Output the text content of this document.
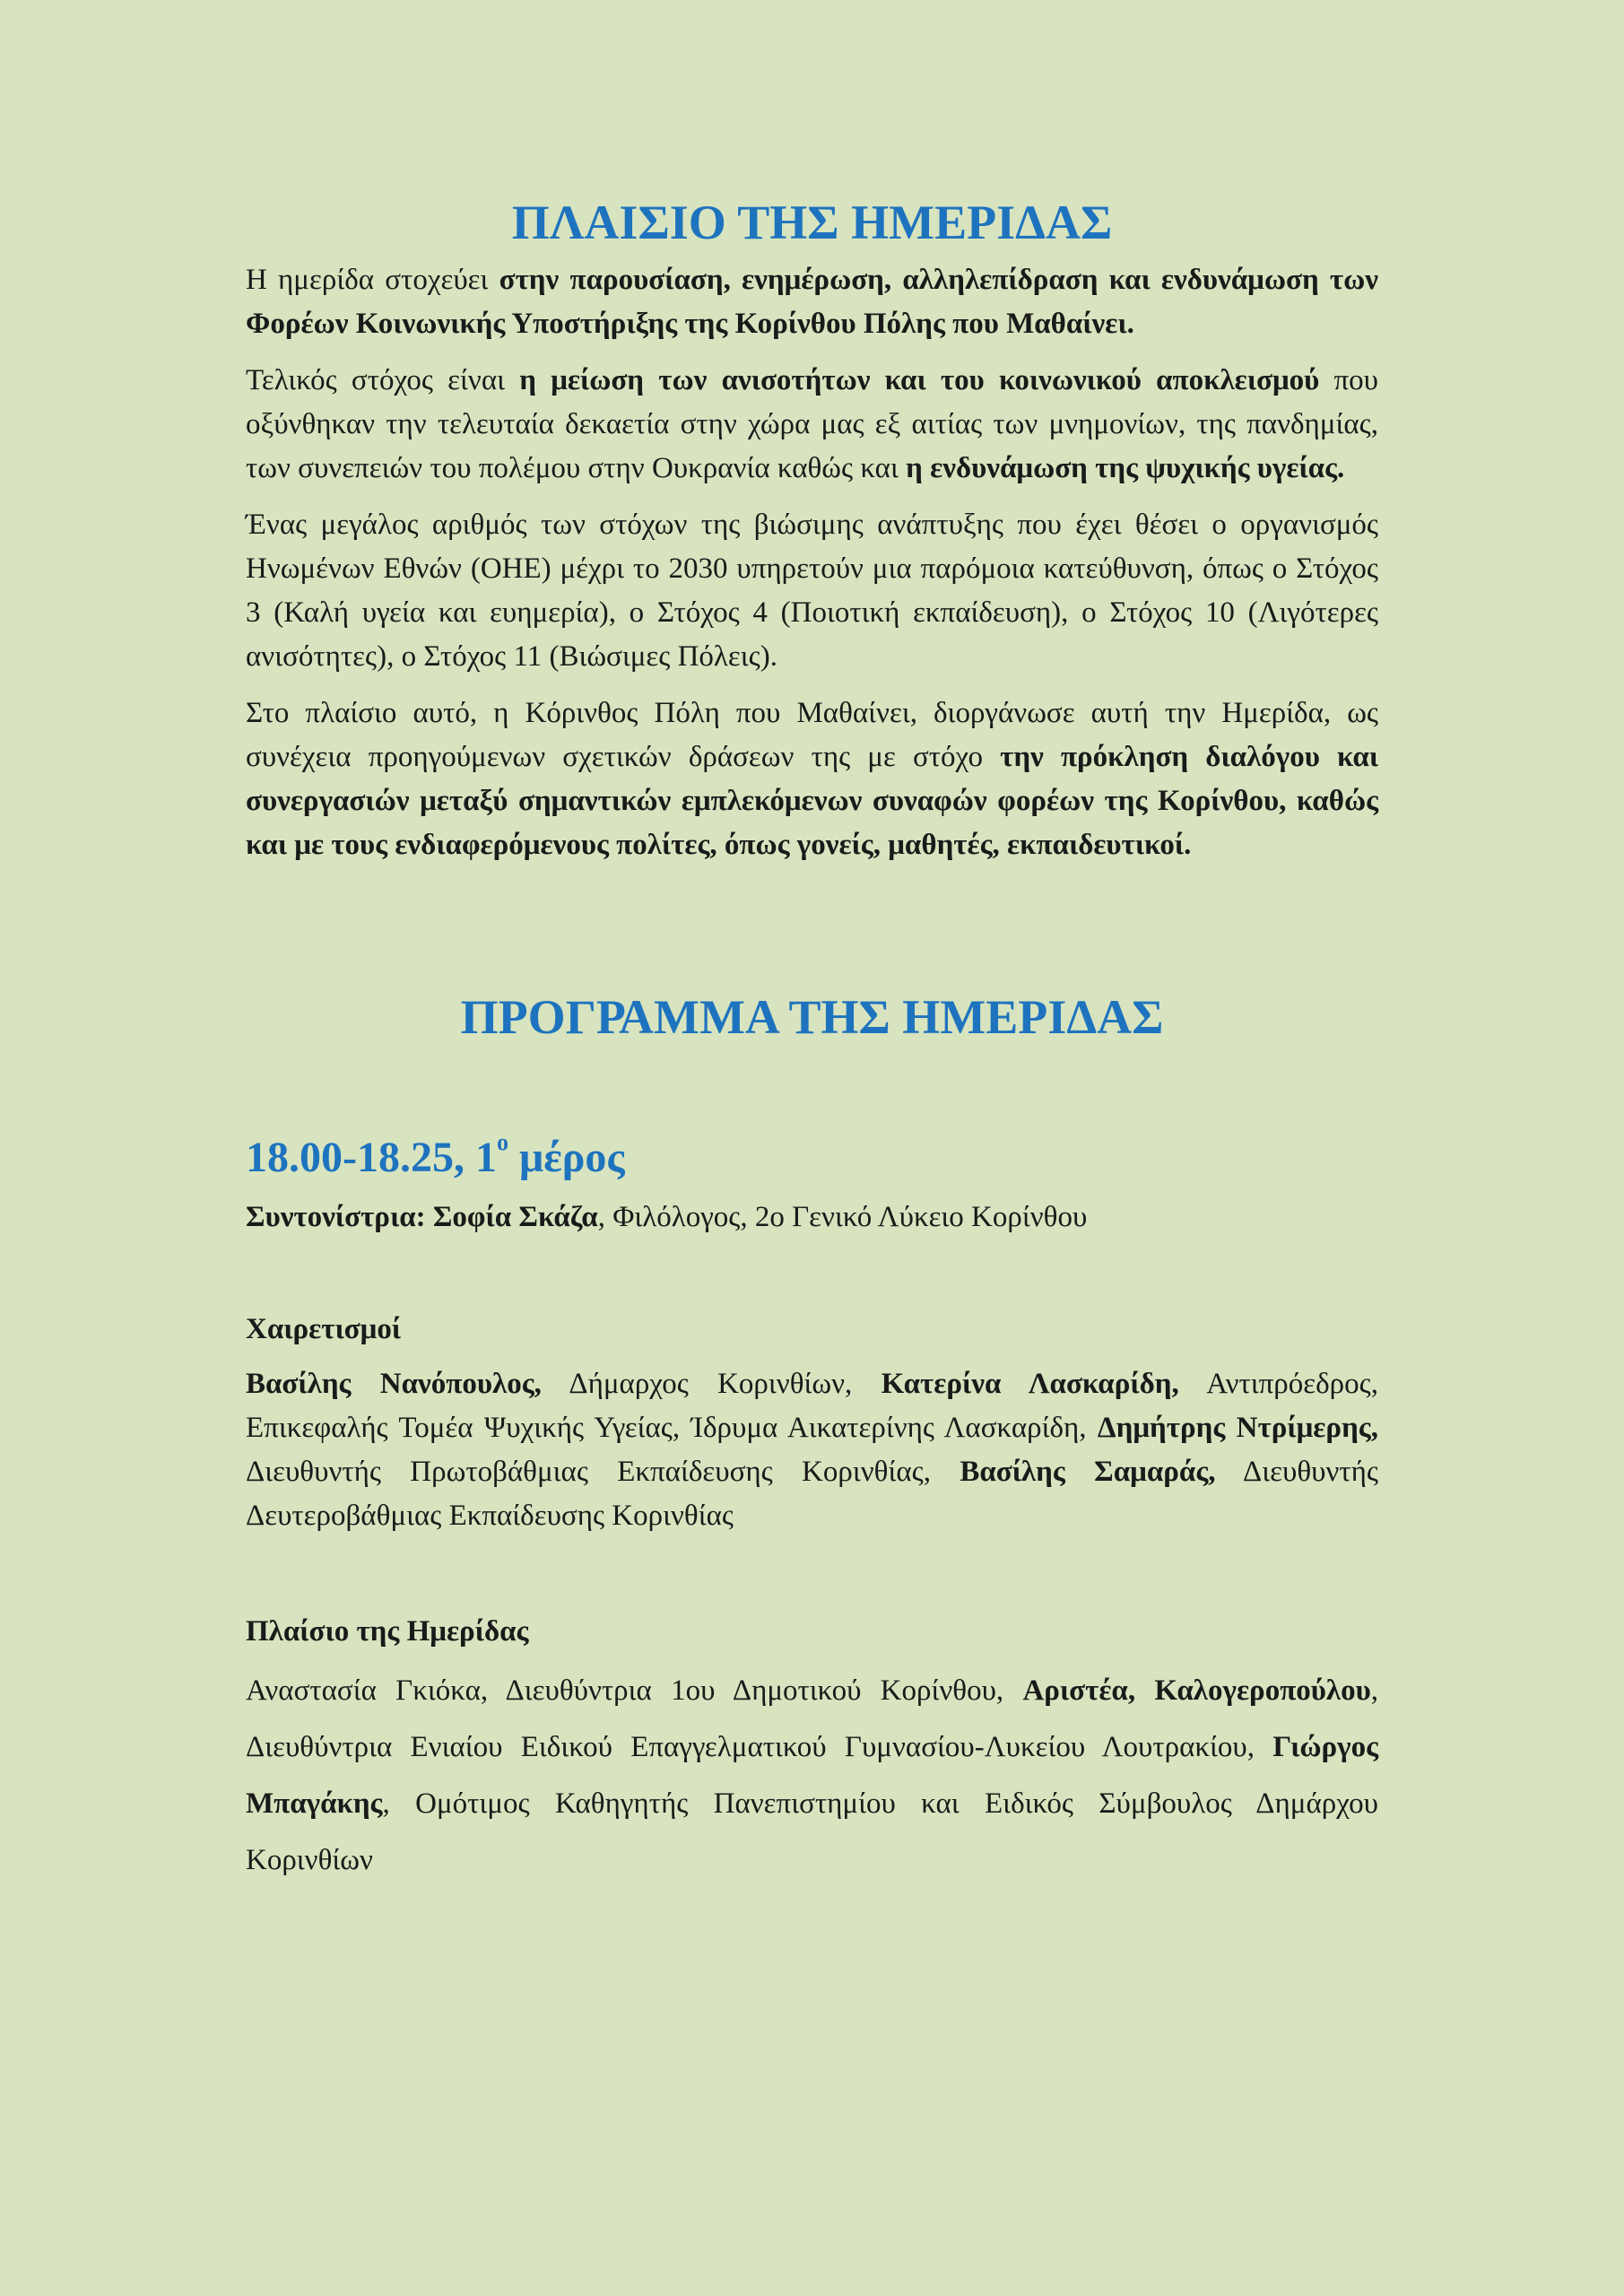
ΠΛΑΙΣΙΟ ΤΗΣ ΗΜΕΡΙΔΑΣ

Η ημερίδα στοχεύει στην παρουσίαση, ενημέρωση, αλληλεπίδραση και ενδυνάμωση των Φορέων Κοινωνικής Υποστήριξης της Κορίνθου Πόλης που Μαθαίνει.

Τελικός στόχος είναι η μείωση των ανισοτήτων και του κοινωνικού αποκλεισμού που οξύνθηκαν την τελευταία δεκαετία στην χώρα μας εξ αιτίας των μνημονίων, της πανδημίας, των συνεπειών του πολέμου στην Ουκρανία καθώς και η ενδυνάμωση της ψυχικής υγείας.

Ένας μεγάλος αριθμός των στόχων της βιώσιμης ανάπτυξης που έχει θέσει ο οργανισμός Ηνωμένων Εθνών (ΟΗΕ) μέχρι το 2030 υπηρετούν μια παρόμοια κατεύθυνση, όπως ο Στόχος 3 (Καλή υγεία και ευημερία), ο Στόχος 4 (Ποιοτική εκπαίδευση), ο Στόχος 10 (Λιγότερες ανισότητες), ο Στόχος 11 (Βιώσιμες Πόλεις).

Στο πλαίσιο αυτό, η Κόρινθος Πόλη που Μαθαίνει, διοργάνωσε αυτή την Ημερίδα, ως συνέχεια προηγούμενων σχετικών δράσεων της με στόχο την πρόκληση διαλόγου και συνεργασιών μεταξύ σημαντικών εμπλεκόμενων συναφών φορέων της Κορίνθου, καθώς και με τους ενδιαφερόμενους πολίτες, όπως γονείς, μαθητές, εκπαιδευτικοί.

ΠΡΟΓΡΑΜΜΑ ΤΗΣ ΗΜΕΡΙΔΑΣ

18.00-18.25, $1^o$ μέρος

Συντονίστρια: Σοφία Σκάζα, Φιλόλογος, 2ο Γενικό Λύκειο Κορίνθου

Χαιρετισμοί

Βασίλης Νανόπουλος, Δήμαρχος Κορινθίων, Κατερίνα Λασκαρίδη, Αντιπρόεδρος, Επικεφαλής Τομέα Ψυχικής Υγείας, Ίδρυμα Αικατερίνης Λασκαρίδη, Δημήτρης Ντρίμερης, Διευθυντής Πρωτοβάθμιας Εκπαίδευσης Κορινθίας, Βασίλης Σαμαράς, Διευθυντής Δευτεροβάθμιας Εκπαίδευσης Κορινθίας

Πλαίσιο της Ημερίδας

Αναστασία Γκιόκα, Διευθύντρια 1ου Δημοτικού Κορίνθου, Αριστέα, Καλογεροπούλου, Διευθύντρια Ενιαίου Ειδικού Επαγγελματικού Γυμνασίου-Λυκείου Λουτρακίου, Γιώργος Μπαγάκης, Ομότιμος Καθηγητής Πανεπιστημίου και Ειδικός Σύμβουλος Δημάρχου Κορινθίων
